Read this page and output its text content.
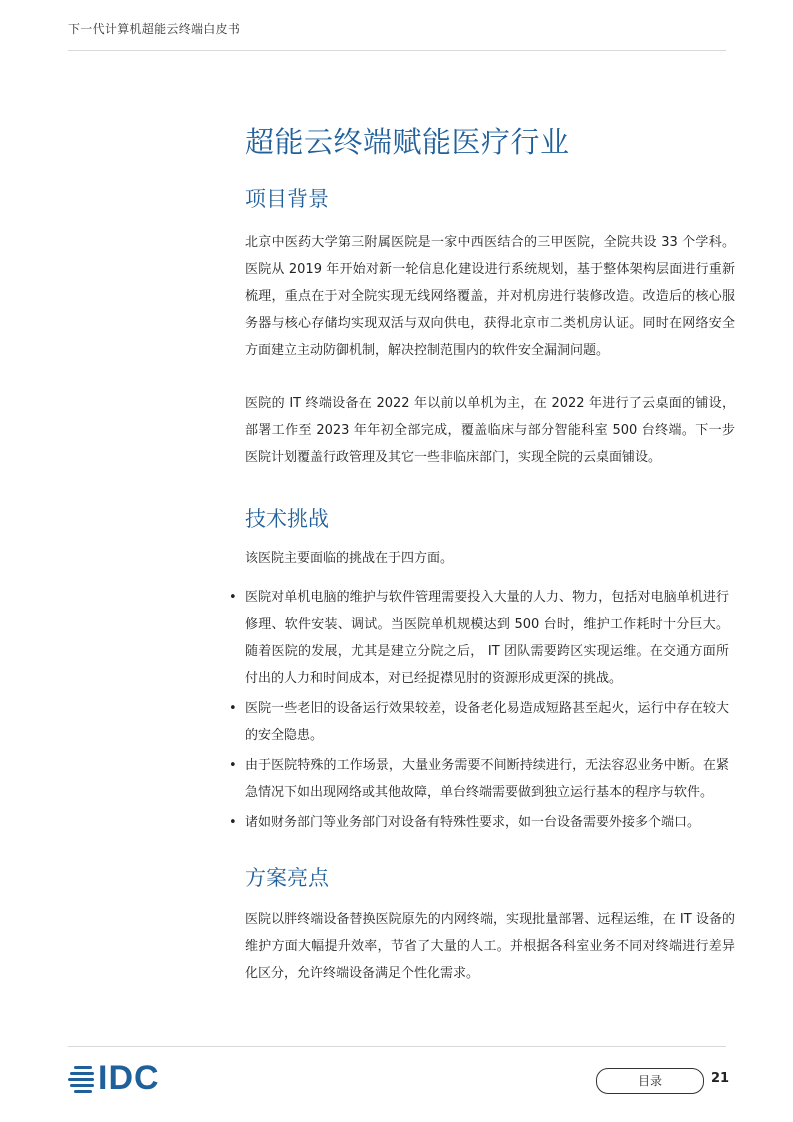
下一代计算机超能云终端白皮书
超能云终端赋能医疗行业
项目背景

北京中医药大学第三附属医院是一家中西医结合的三甲医院，全院共设 33 个学科。医院从 2019 年开始对新一轮信息化建设进行系统规划，基于整体架构层面进行重新梳理，重点在于对全院实现无线网络覆盖，并对机房进行装修改造。改造后的核心服务器与核心存储均实现双活与双向供电，获得北京市二类机房认证。同时在网络安全方面建立主动防御机制，解决控制范围内的软件安全漏洞问题。

医院的 IT 终端设备在 2022 年以前以单机为主，在 2022 年进行了云桌面的铺设，部署工作至 2023 年年初全部完成，覆盖临床与部分智能科室 500 台终端。下一步医院计划覆盖行政管理及其它一些非临床部门，实现全院的云桌面铺设。

技术挑战

该医院主要面临的挑战在于四方面。

• 医院对单机电脑的维护与软件管理需要投入大量的人力、物力，包括对电脑单机进行修理、软件安装、调试。当医院单机规模达到 500 台时，维护工作耗时十分巨大。随着医院的发展，尤其是建立分院之后， IT 团队需要跨区实现运维。在交通方面所付出的人力和时间成本，对已经捉襟见肘的资源形成更深的挑战。
• 医院一些老旧的设备运行效果较差，设备老化易造成短路甚至起火，运行中存在较大的安全隐患。
• 由于医院特殊的工作场景，大量业务需要不间断持续进行，无法容忍业务中断。在紧急情况下如出现网络或其他故障，单台终端需要做到独立运行基本的程序与软件。
• 诸如财务部门等业务部门对设备有特殊性要求，如一台设备需要外接多个端口。
方案亮点

医院以胖终端设备替换医院原先的内网终端，实现批量部署、远程运维，在 IT 设备的维护方面大幅提升效率，节省了大量的人工。并根据各科室业务不同对终端进行差异化区分，允许终端设备满足个性化需求。

IDC	目录	21
